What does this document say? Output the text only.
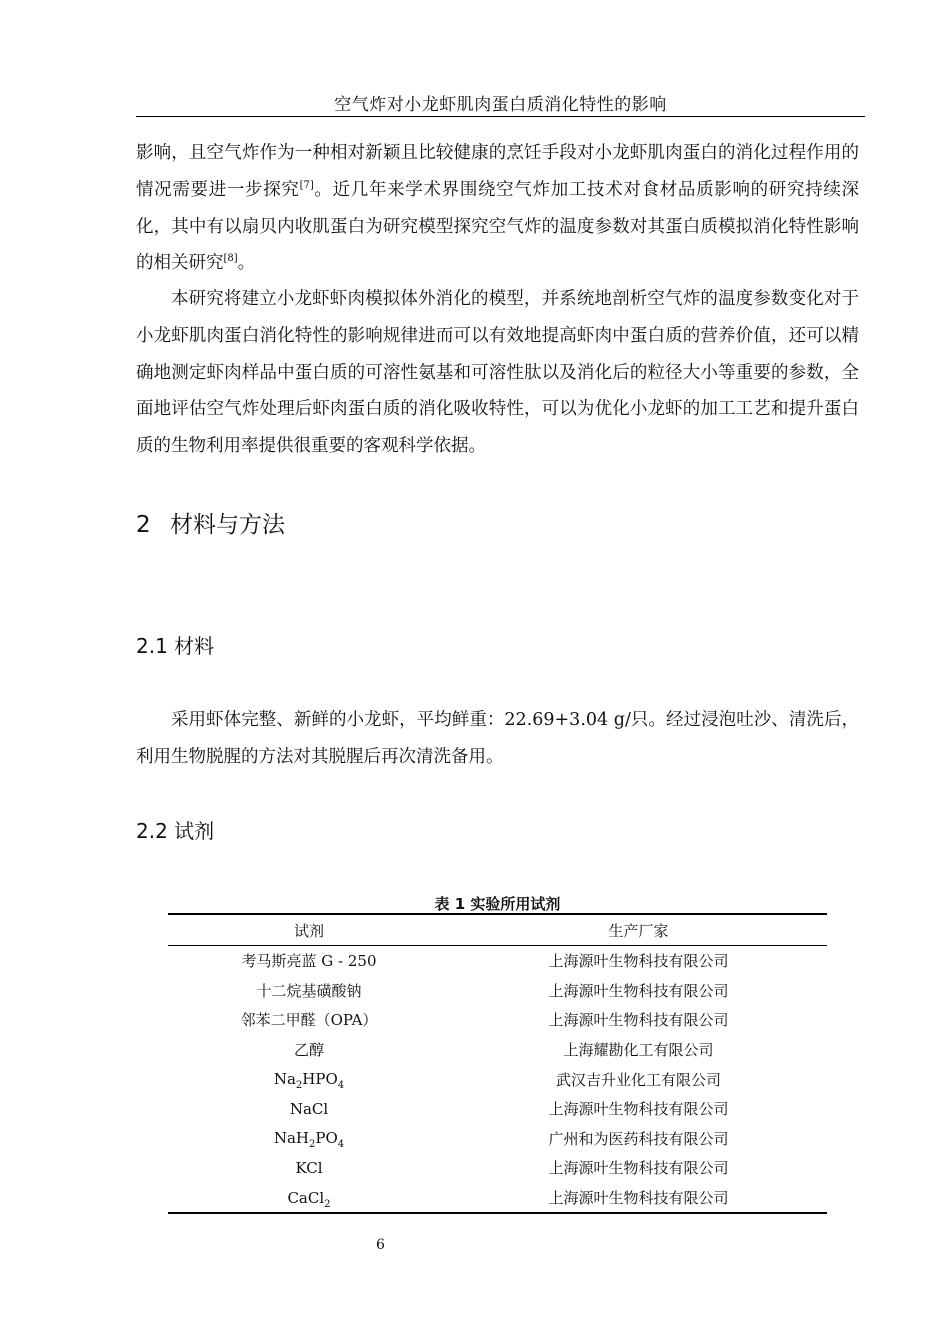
空气炸对小龙虾肌肉蛋白质消化特性的影响

影响，且空气炸作为一种相对新颖且比较健康的烹饪手段对小龙虾肌肉蛋白的消化过程作用的情况需要进一步探究[7]。近几年来学术界围绕空气炸加工技术对食材品质影响的研究持续深化，其中有以扇贝内收肌蛋白为研究模型探究空气炸的温度参数对其蛋白质模拟消化特性影响的相关研究[8]。

本研究将建立小龙虾虾肉模拟体外消化的模型，并系统地剖析空气炸的温度参数变化对于小龙虾肌肉蛋白消化特性的影响规律进而可以有效地提高虾肉中蛋白质的营养价值，还可以精确地测定虾肉样品中蛋白质的可溶性氨基和可溶性肽以及消化后的粒径大小等重要的参数，全面地评估空气炸处理后虾肉蛋白质的消化吸收特性，可以为优化小龙虾的加工工艺和提升蛋白质的生物利用率提供很重要的客观科学依据。

2 材料与方法
2.1 材料

采用虾体完整、新鲜的小龙虾，平均鲜重：22.69+3.04 g/只。经过浸泡吐沙、清洗后，利用生物脱腥的方法对其脱腥后再次清洗备用。

2.2 试剂
表 1 实验所用试剂
试剂	生产厂家
考马斯亮蓝 G - 250	上海源叶生物科技有限公司
十二烷基磺酸钠	上海源叶生物科技有限公司
邻苯二甲醛（OPA）	上海源叶生物科技有限公司
乙醇	上海耀勘化工有限公司
$Na_2HPO_4$	武汉吉升业化工有限公司
NaCl	上海源叶生物科技有限公司
$NaH_2PO_4$	广州和为医药科技有限公司
KCl	上海源叶生物科技有限公司
CaCl$_2$	上海源叶生物科技有限公司
6
